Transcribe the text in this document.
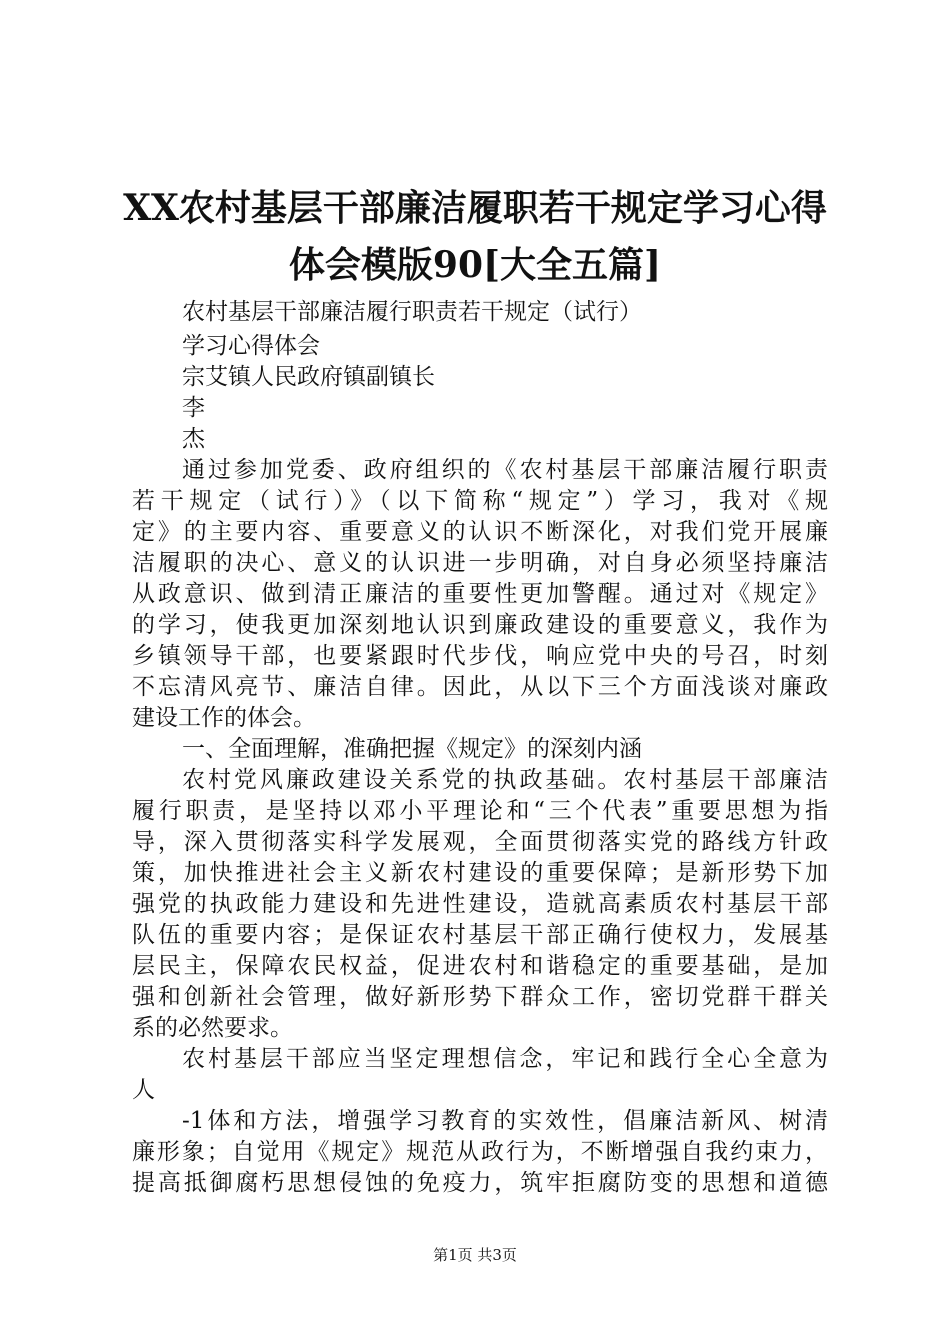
XX农村基层干部廉洁履职若干规定学习心得
体会模版90[大全五篇]
农村基层干部廉洁履行职责若干规定（试行）
学习心得体会
宗艾镇人民政府镇副镇长
李
杰
通过参加党委、政府组织的《农村基层干部廉洁履行职责
若干规定（试行）》（以下简称“规定”）学习，我对《规
定》的主要内容、重要意义的认识不断深化，对我们党开展廉
洁履职的决心、意义的认识进一步明确，对自身必须坚持廉洁
从政意识、做到清正廉洁的重要性更加警醒。通过对《规定》
的学习，使我更加深刻地认识到廉政建设的重要意义，我作为
乡镇领导干部，也要紧跟时代步伐，响应党中央的号召，时刻
不忘清风亮节、廉洁自律。因此，从以下三个方面浅谈对廉政
建设工作的体会。
一、全面理解，准确把握《规定》的深刻内涵
农村党风廉政建设关系党的执政基础。农村基层干部廉洁
履行职责，是坚持以邓小平理论和“三个代表”重要思想为指
导，深入贯彻落实科学发展观，全面贯彻落实党的路线方针政
策，加快推进社会主义新农村建设的重要保障；是新形势下加
强党的执政能力建设和先进性建设，造就高素质农村基层干部
队伍的重要内容；是保证农村基层干部正确行使权力，发展基
层民主，保障农民权益，促进农村和谐稳定的重要基础，是加
强和创新社会管理，做好新形势下群众工作，密切党群干群关
系的必然要求。
农村基层干部应当坚定理想信念，牢记和践行全心全意为
人
-1体和方法，增强学习教育的实效性，倡廉洁新风、树清
廉形象；自觉用《规定》规范从政行为，不断增强自我约束力，
提高抵御腐朽思想侵蚀的免疫力，筑牢拒腐防变的思想和道德
第1页 共3页
